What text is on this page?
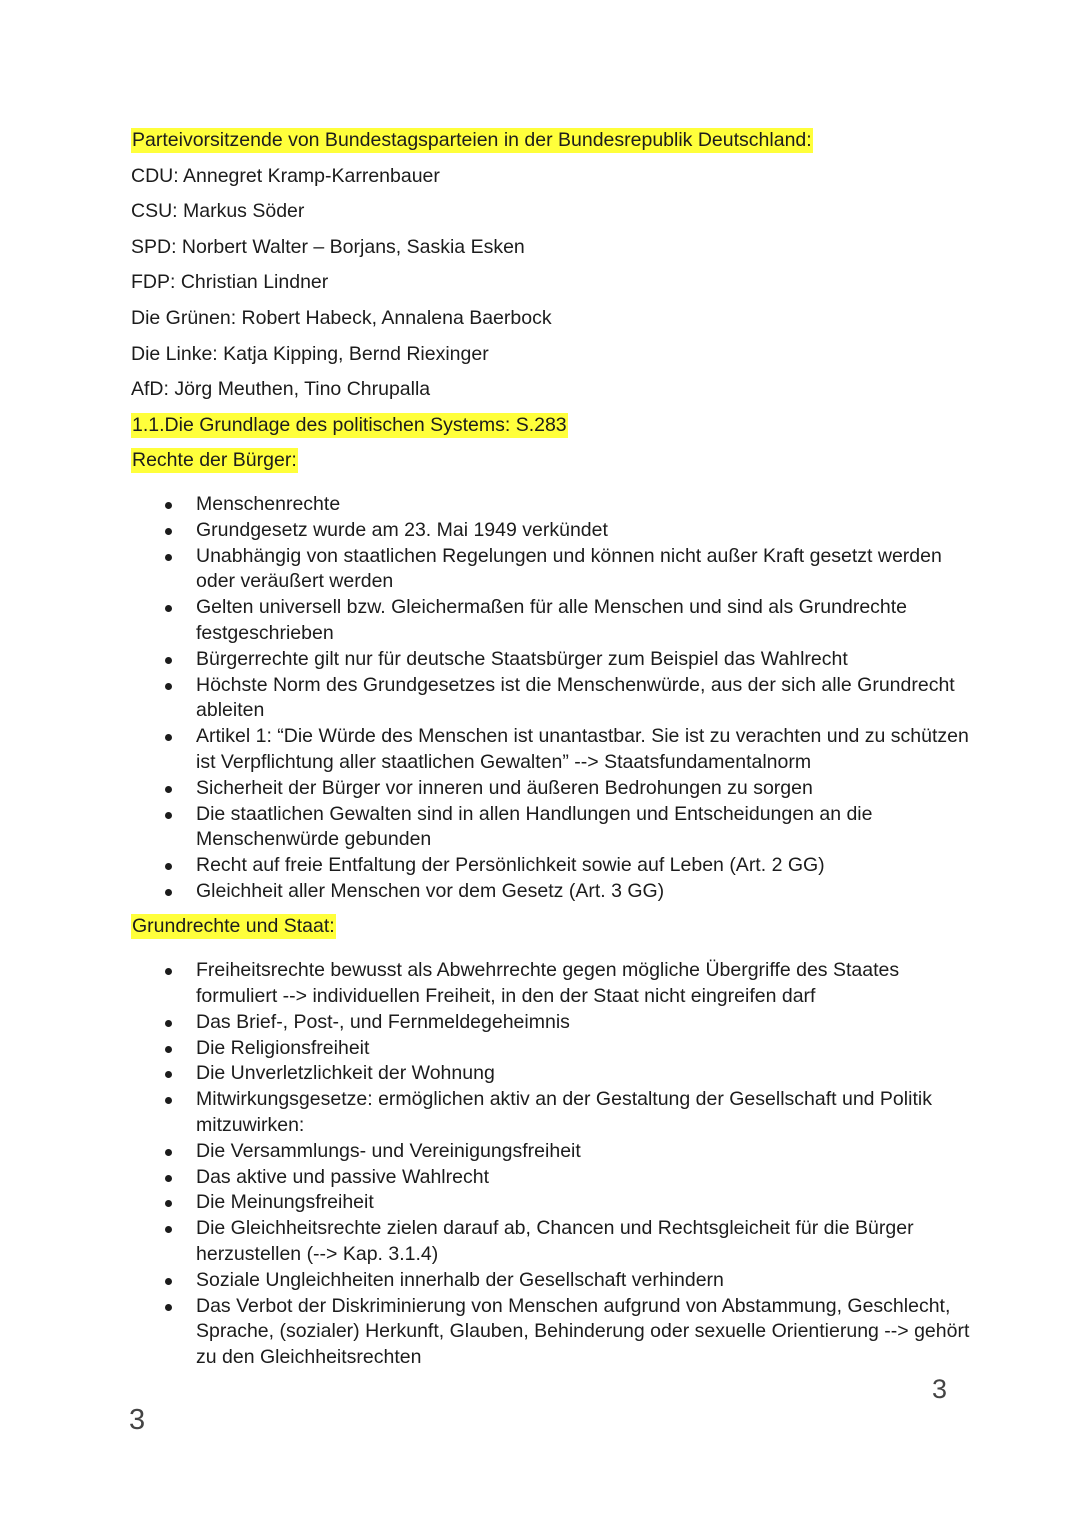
Parteivorsitzende von Bundestagsparteien in der Bundesrepublik Deutschland:
CDU: Annegret Kramp-Karrenbauer
CSU: Markus Söder
SPD: Norbert Walter – Borjans, Saskia Esken
FDP: Christian Lindner
Die Grünen: Robert Habeck, Annalena Baerbock
Die Linke: Katja Kipping, Bernd Riexinger
AfD: Jörg Meuthen, Tino Chrupalla
1.1.Die Grundlage des politischen Systems: S.283
Rechte der Bürger:
Menschenrechte
Grundgesetz wurde am 23. Mai 1949 verkündet
Unabhängig von staatlichen Regelungen und können nicht außer Kraft gesetzt werden oder veräußert werden
Gelten universell bzw. Gleichermaßen für alle Menschen und sind als Grundrechte festgeschrieben
Bürgerrechte gilt nur für deutsche Staatsbürger zum Beispiel das Wahlrecht
Höchste Norm des Grundgesetzes ist die Menschenwürde, aus der sich alle Grundrecht ableiten
Artikel 1: “Die Würde des Menschen ist unantastbar. Sie ist zu verachten und zu schützen ist Verpflichtung aller staatlichen Gewalten” --> Staatsfundamentalnorm
Sicherheit der Bürger vor inneren und äußeren Bedrohungen zu sorgen
Die staatlichen Gewalten sind in allen Handlungen und Entscheidungen an die Menschenwürde gebunden
Recht auf freie Entfaltung der Persönlichkeit sowie auf Leben (Art. 2 GG)
Gleichheit aller Menschen vor dem Gesetz (Art. 3 GG)
Grundrechte und Staat:
Freiheitsrechte bewusst als Abwehrrechte gegen mögliche Übergriffe des Staates formuliert --> individuellen Freiheit, in den der Staat nicht eingreifen darf
Das Brief-, Post-, und Fernmeldegeheimnis
Die Religionsfreiheit
Die Unverletzlichkeit der Wohnung
Mitwirkungsgesetze: ermöglichen aktiv an der Gestaltung der Gesellschaft und Politik mitzuwirken:
Die Versammlungs- und Vereinigungsfreiheit
Das aktive und passive Wahlrecht
Die Meinungsfreiheit
Die Gleichheitsrechte zielen darauf ab, Chancen und Rechtsgleicheit für die Bürger herzustellen (--> Kap. 3.1.4)
Soziale Ungleichheiten innerhalb der Gesellschaft verhindern
Das Verbot der Diskriminierung von Menschen aufgrund von Abstammung, Geschlecht, Sprache, (sozialer) Herkunft, Glauben, Behinderung oder sexuelle Orientierung --> gehört zu den Gleichheitsrechten
3
3
